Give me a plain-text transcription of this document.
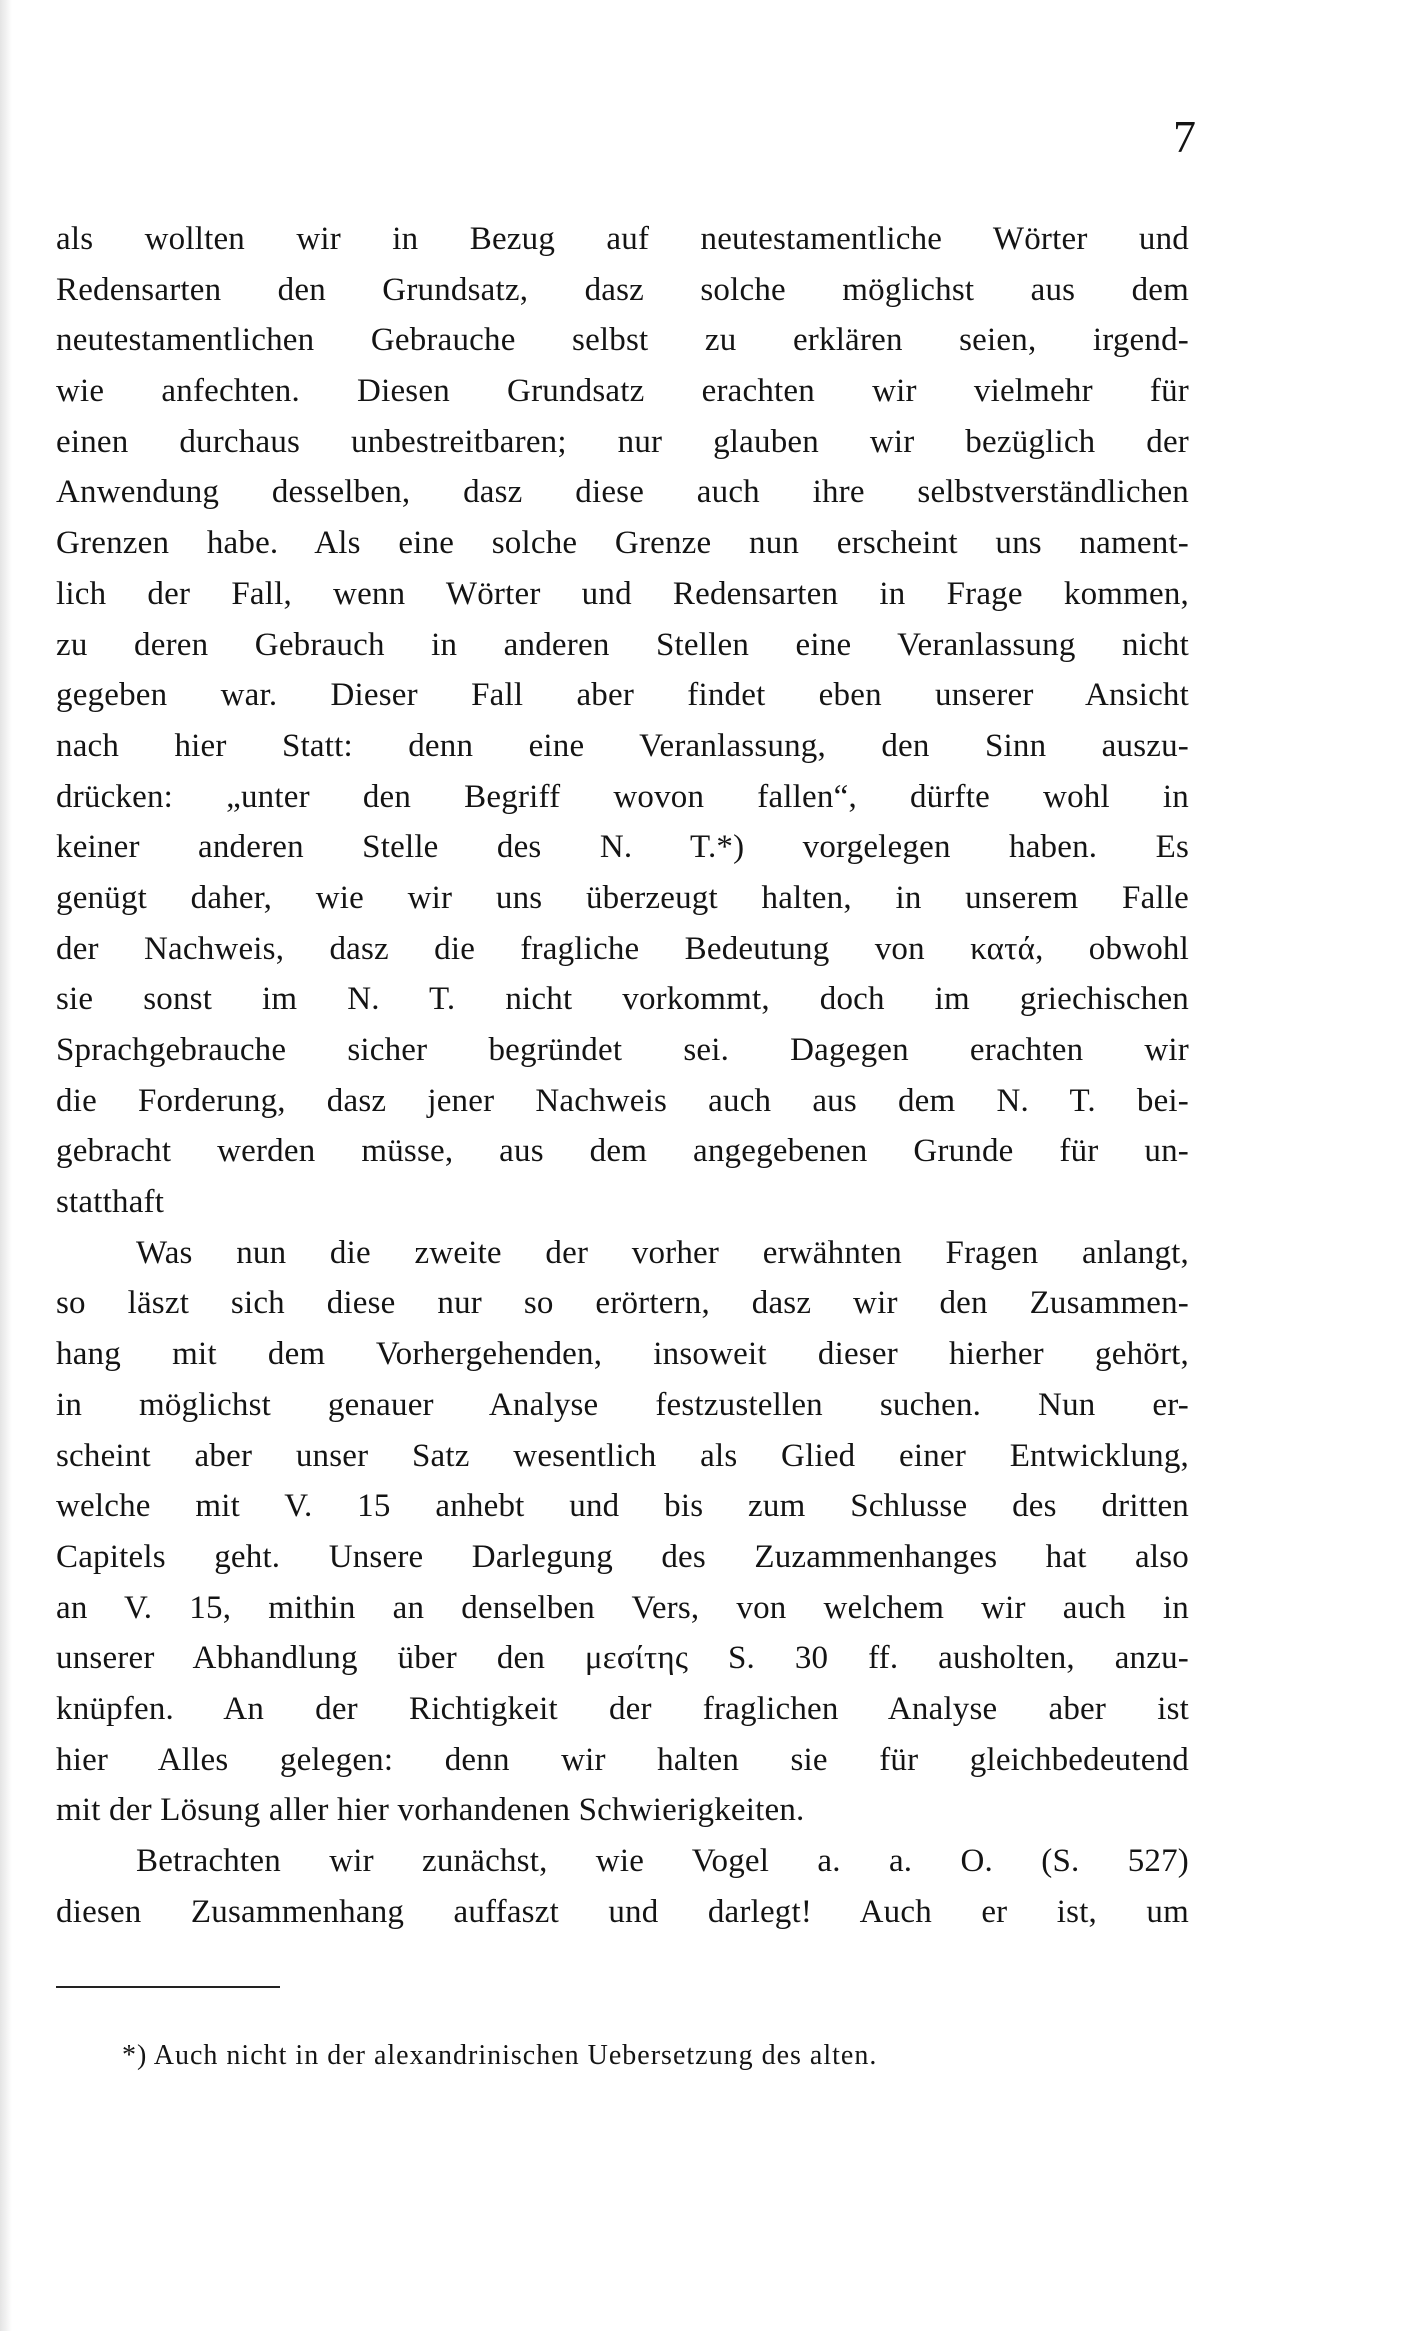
7
als wollten wir in Bezug auf neutestamentliche Wörter und
Redensarten den Grundsatz, dasz solche möglichst aus dem
neutestamentlichen Gebrauche selbst zu erklären seien, irgend-
wie anfechten. Diesen Grundsatz erachten wir vielmehr für
einen durchaus unbestreitbaren; nur glauben wir bezüglich der
Anwendung desselben, dasz diese auch ihre selbstverständlichen
Grenzen habe. Als eine solche Grenze nun erscheint uns nament-
lich der Fall, wenn Wörter und Redensarten in Frage kommen,
zu deren Gebrauch in anderen Stellen eine Veranlassung nicht
gegeben war. Dieser Fall aber findet eben unserer Ansicht
nach hier Statt: denn eine Veranlassung, den Sinn auszu-
drücken: „unter den Begriff wovon fallen“, dürfte wohl in
keiner anderen Stelle des N. T.*) vorgelegen haben. Es
genügt daher, wie wir uns überzeugt halten, in unserem Falle
der Nachweis, dasz die fragliche Bedeutung von κατά, obwohl
sie sonst im N. T. nicht vorkommt, doch im griechischen
Sprachgebrauche sicher begründet sei. Dagegen erachten wir
die Forderung, dasz jener Nachweis auch aus dem N. T. bei-
gebracht werden müsse, aus dem angegebenen Grunde für un-
statthaft
Was nun die zweite der vorher erwähnten Fragen anlangt,
so läszt sich diese nur so erörtern, dasz wir den Zusammen-
hang mit dem Vorhergehenden, insoweit dieser hierher gehört,
in möglichst genauer Analyse festzustellen suchen. Nun er-
scheint aber unser Satz wesentlich als Glied einer Entwicklung,
welche mit V. 15 anhebt und bis zum Schlusse des dritten
Capitels geht. Unsere Darlegung des Zuzammenhanges hat also
an V. 15, mithin an denselben Vers, von welchem wir auch in
unserer Abhandlung über den μεσίτης S. 30 ff. ausholten, anzu-
knüpfen. An der Richtigkeit der fraglichen Analyse aber ist
hier Alles gelegen: denn wir halten sie für gleichbedeutend
mit der Lösung aller hier vorhandenen Schwierigkeiten.
Betrachten wir zunächst, wie Vogel a. a. O. (S. 527)
diesen Zusammenhang auffaszt und darlegt! Auch er ist, um
*) Auch nicht in der alexandrinischen Uebersetzung des alten.
